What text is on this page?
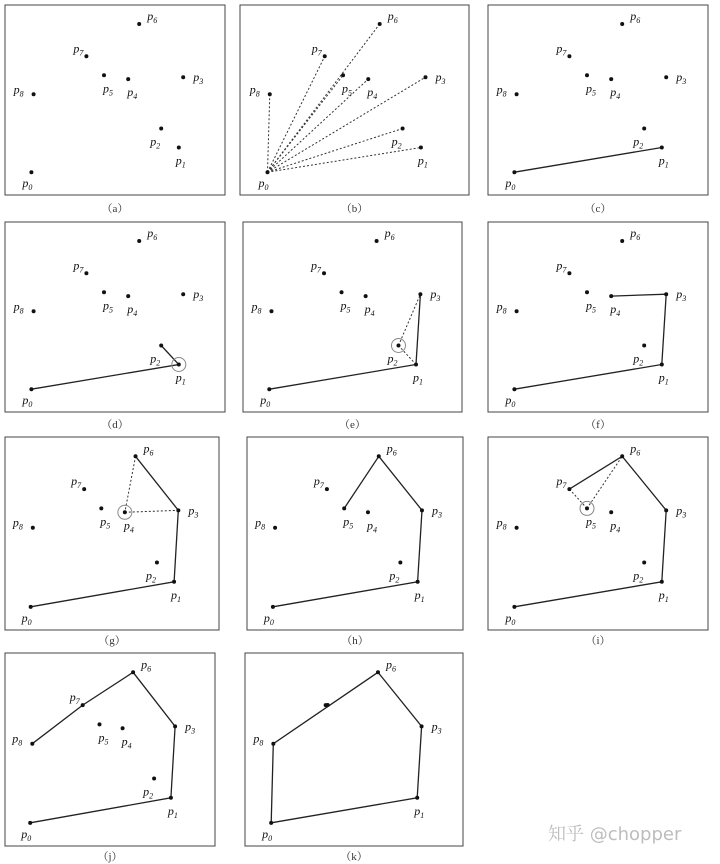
$p_0$
$p_1$
$p_2$
$p_3$
$p_4$
$p_5$
$p_6$
$p_7$
$p_8$
（a）
$p_0$
$p_1$
$p_2$
$p_3$
$p_4$
$p_5$
$p_6$
$p_7$
$p_8$
（b）
$p_0$
$p_1$
$p_2$
$p_3$
$p_4$
$p_5$
$p_6$
$p_7$
$p_8$
（c）
$p_0$
$p_1$
$p_2$
$p_3$
$p_4$
$p_5$
$p_6$
$p_7$
$p_8$
（d）
$p_0$
$p_1$
$p_2$
$p_3$
$p_4$
$p_5$
$p_6$
$p_7$
$p_8$
（e）
$p_0$
$p_1$
$p_2$
$p_3$
$p_4$
$p_5$
$p_6$
$p_7$
$p_8$
（f）
$p_0$
$p_1$
$p_2$
$p_3$
$p_4$
$p_5$
$p_6$
$p_7$
$p_8$
（g）
$p_0$
$p_1$
$p_2$
$p_3$
$p_4$
$p_5$
$p_6$
$p_7$
$p_8$
（h）
$p_0$
$p_1$
$p_2$
$p_3$
$p_4$
$p_5$
$p_6$
$p_7$
$p_8$
（i）
$p_0$
$p_1$
$p_2$
$p_3$
$p_4$
$p_5$
$p_6$
$p_7$
$p_8$
（j）
$p_0$
$p_1$
$p_3$
$p_6$
$p_8$
（k）
知乎 @chopper
